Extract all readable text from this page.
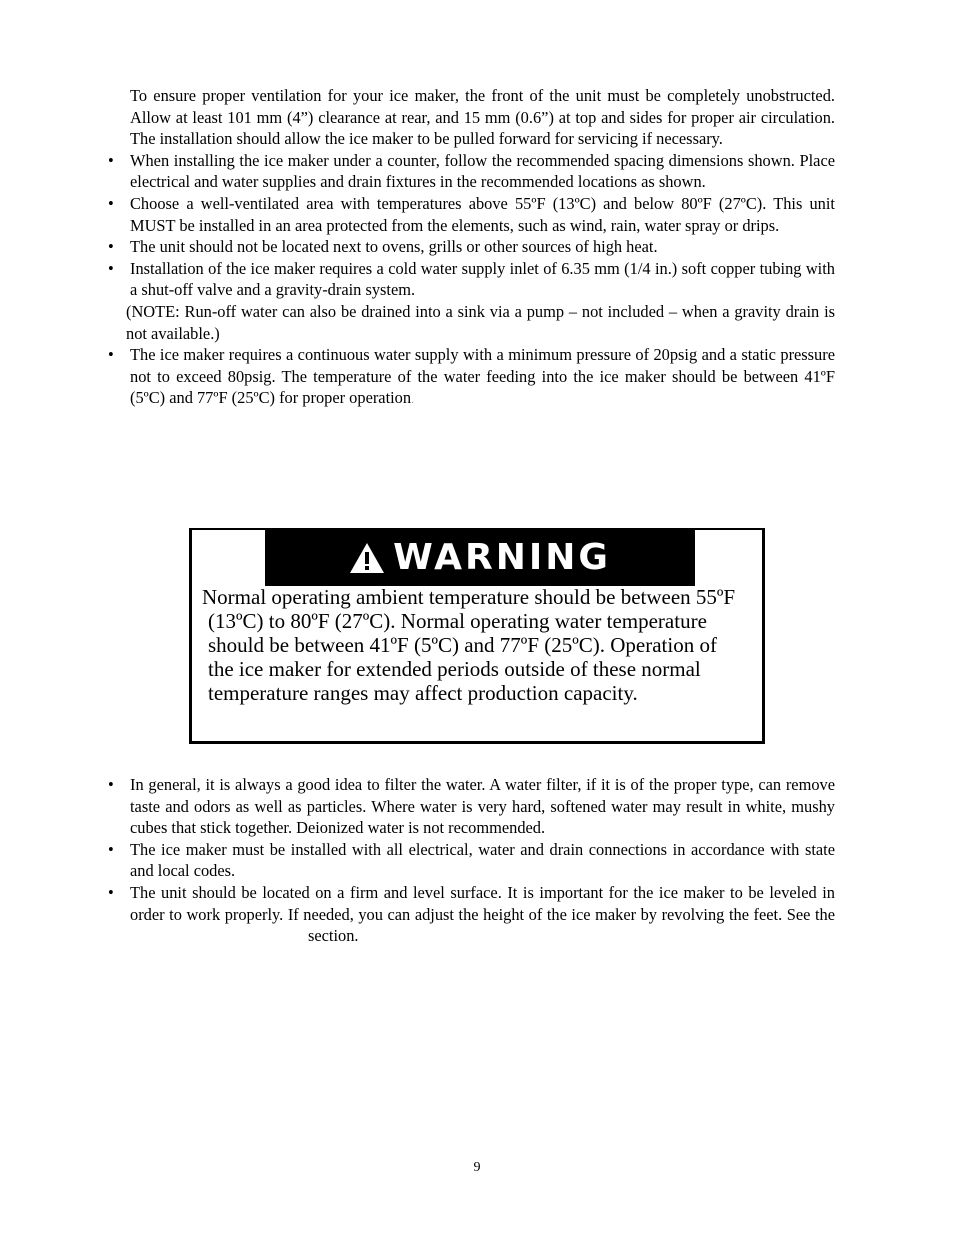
To ensure proper ventilation for your ice maker, the front of the unit must be completely unobstructed. Allow at least 101 mm (4”) clearance at rear, and 15 mm (0.6”) at top and sides for proper air circulation. The installation should allow the ice maker to be pulled forward for servicing if necessary.

• When installing the ice maker under a counter, follow the recommended spacing dimensions shown. Place electrical and water supplies and drain fixtures in the recommended locations as shown.
• Choose a well-ventilated area with temperatures above 55ºF (13ºC) and below 80ºF (27ºC). This unit MUST be installed in an area protected from the elements, such as wind, rain, water spray or drips.
• The unit should not be located next to ovens, grills or other sources of high heat.
• Installation of the ice maker requires a cold water supply inlet of 6.35 mm (1/4 in.) soft copper tubing with a shut-off valve and a gravity-drain system.

(NOTE: Run-off water can also be drained into a sink via a pump – not included – when a gravity drain is not available.)

• The ice maker requires a continuous water supply with a minimum pressure of 20psig and a static pressure not to exceed 80psig. The temperature of the water feeding into the ice maker should be between 41ºF (5ºC) and 77ºF (25ºC) for proper operation.
WARNING
Normal operating ambient temperature should be between 55ºF
(13ºC) to 80ºF (27ºC). Normal operating water temperature
should be between 41ºF (5ºC) and 77ºF (25ºC). Operation of
the ice maker for extended periods outside of these normal
temperature ranges may affect production capacity.
• In general, it is always a good idea to filter the water. A water filter, if it is of the proper type, can remove taste and odors as well as particles. Where water is very hard, softened water may result in white, mushy cubes that stick together. Deionized water is not recommended.
• The ice maker must be installed with all electrical, water and drain connections in accordance with state and local codes.
• The unit should be located on a firm and level surface. It is important for the ice maker to be leveled in order to work properly. If needed, you can adjust the height of the ice maker by revolving the feet. See thesection.
9
